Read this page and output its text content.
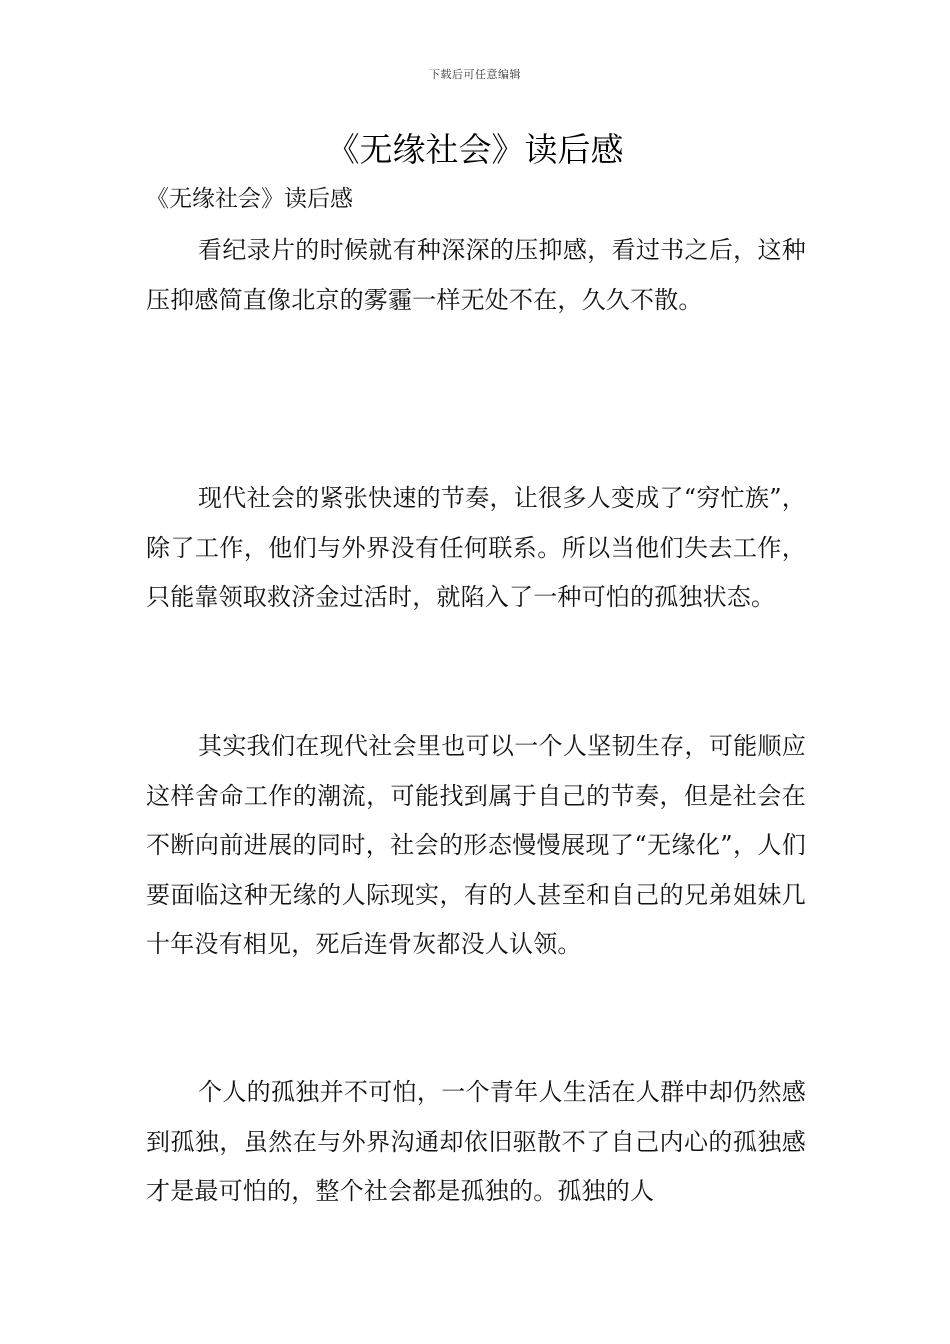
下载后可任意编辑
《无缘社会》读后感

《无缘社会》读后感

看纪录片的时候就有种深深的压抑感，看过书之后，这种压抑感简直像北京的雾霾一样无处不在，久久不散。

现代社会的紧张快速的节奏，让很多人变成了“穷忙族”，除了工作，他们与外界没有任何联系。所以当他们失去工作，只能靠领取救济金过活时，就陷入了一种可怕的孤独状态。

其实我们在现代社会里也可以一个人坚韧生存，可能顺应这样舍命工作的潮流，可能找到属于自己的节奏，但是社会在不断向前进展的同时，社会的形态慢慢展现了“无缘化”，人们要面临这种无缘的人际现实，有的人甚至和自己的兄弟姐妹几十年没有相见，死后连骨灰都没人认领。

个人的孤独并不可怕，一个青年人生活在人群中却仍然感到孤独，虽然在与外界沟通却依旧驱散不了自己内心的孤独感才是最可怕的，整个社会都是孤独的。孤独的人
